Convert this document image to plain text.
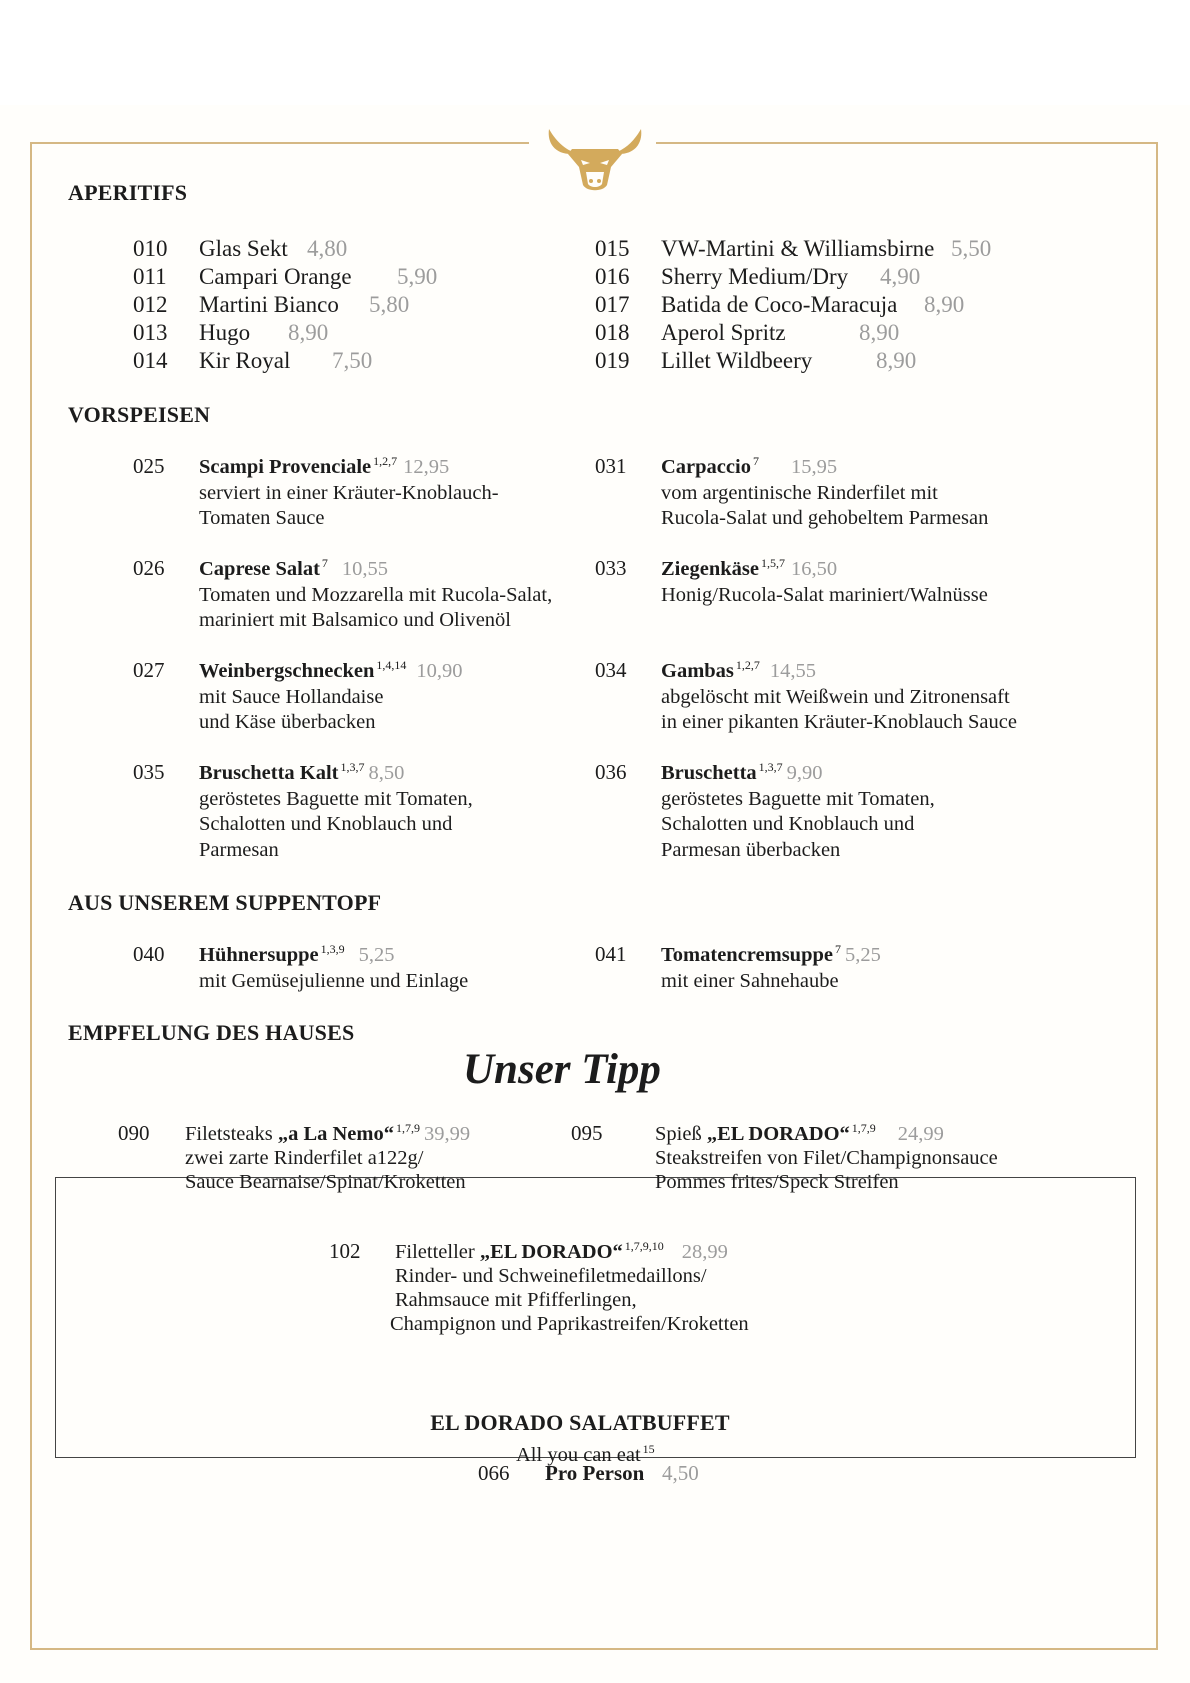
APERITIFS
010 Glas Sekt 4,80
011 Campari Orange 5,90
012 Martini Bianco 5,80
013 Hugo 8,90
014 Kir Royal 7,50
015 VW-Martini & Williamsbirne 5,50
016 Sherry Medium/Dry 4,90
017 Batida de Coco-Maracuja 8,90
018 Aperol Spritz	8,90
019 Lillet Wildbeery	8,90
VORSPEISEN
025 Scampi Provenciale $^{1,2,7}$ 12,95
serviert in einer Kräuter-Knoblauch-
Tomaten Sauce
026 Caprese Salat $^7$ 10,55
Tomaten und Mozzarella mit Rucola-Salat,
mariniert mit Balsamico und Olivenöl
027 Weinbergschnecken $^{1,4,14}$ 10,90
mit Sauce Hollandaise
und Käse überbacken
035 Bruschetta Kalt $^{1,3,7}$ 8,50
geröstetes Baguette mit Tomaten,
Schalotten und Knoblauch und
Parmesan
031 Carpaccio $^7$ 15,95
vom argentinische Rinderfilet mit
Rucola-Salat und gehobeltem Parmesan
033 Ziegenkäse $^{1,5,7}$ 16,50
Honig/Rucola-Salat mariniert/Walnüsse
034 Gambas $^{1,2,7}$ 14,55
abgelöscht mit Weißwein und Zitronensaft
in einer pikanten Kräuter-Knoblauch Sauce
036 Bruschetta $^{1,3,7}$ 9,90
geröstetes Baguette mit Tomaten,
Schalotten und Knoblauch und
Parmesan überbacken
AUS UNSEREM SUPPENTOPF
040 Hühnersuppe $^{1,3,9}$ 5,25
mit Gemüsejulienne und Einlage
041 Tomatencremsuppe $^7$ 5,25
mit einer Sahnehaube
EMPFELUNG DES HAUSES
Unser Tipp
090 Filetsteaks „a La Nemo“ $^{1,7,9}$ 39,99
zwei zarte Rinderfilet a122g/
Sauce Bearnaise/Spinat/Kroketten
095	Spieß „EL DORADO“ $^{1,7,9}$ 24,99
Steakstreifen von Filet/Champignonsauce
Pommes frites/Speck Streifen
102 Filetteller „EL DORADO“ $^{1,7,9,10}$ 28,99
Rinder- und Schweinefiletmedaillons/
Rahmsauce mit Pfifferlingen,
Champignon und Paprikastreifen/Kroketten
EL DORADO SALATBUFFET
All you can eat $^{15}$
066 Pro Person 4,50
